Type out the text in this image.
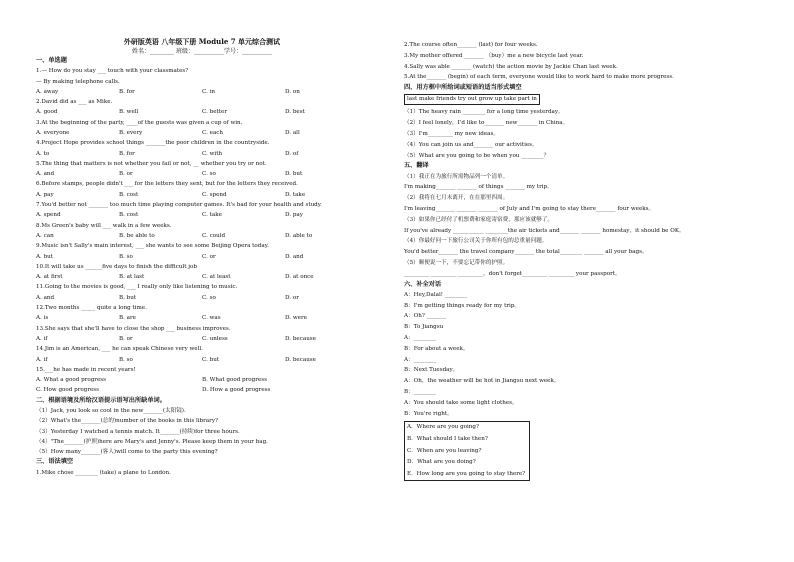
外研版英语 八年级下册 Module 7 单元综合测试
姓名：________ 班级：__________学号：__________
一、单选题
1.— How do you stay ___ touch with your classmates?
— By making telephone calls.
A. away	B. for	C. in	D. on
2.David did as ___ as Mike.
A. good	B. well	C. better	D. best
3.At the beginning of the party, ____of the guests was given a cup of win.
A. everyone	B. every	C. each	D. all
4.Project Hope provides school things _______the poor children in the countryside.
A. to	B. for	C. with	D. of
5.The thing that matters is not whether you fail or not, __ whether you try or not.
A. and	B. or	C. so	D. but
6.Before stamps, people didn't ___ for the letters they sent, but for the letters they received.
A. pay	B. cost	C. spend	D. take
7.You'd better not _______ too much time playing computer games. It's bad for your health and study.
A. spend	B. cost	C. take	D. pay
8.Ms Green's baby will ___ walk in a few weeks.
A. can	B. be able to	C. could	D. able to
9.Music isn't Sally's main interest, ___ she wants to see some Beijing Opera today.
A. but	B. so	C. or	D. and
10.It will take us ______five days to finish the difficult job
A. at first	B. at last	C. at least	D. at once
11.Going to the movies is good, ___ I really only like listening to music.
A. and	B. but	C. so	D. or
12.Two months _____ quite a long time.
A. is	B. are	C. was	D. were
13.She says that she'll have to close the shop ___ business improves.
A. if	B. or	C. unless	D. because
14.Jim is an American, ___ he can speak Chinese very well.
A. if	B. so	C. but	D. because
15.___he has made in recent years!
A. What a good progress	B. What good progress
C. How good progress	D. How a good progress
二、根据语境及所给汉语提示语写出所缺单词。
（1）Jack, you look so cool in the new_______(太阳镜).
（2）What's the_______(总的)number of the books in this library?
（3）Yesterday I watched a tennis match. It_______(持续)for three hours.
（4）"The_______(护照)here are Mary's and Jenny's. Please keep them in your bag.
（5）How many_______(客人)will come to the party this evening?
三、语法填空
1.Mike chose ________ (take) a plane to London.
2.The course often_______ (last) for four weeks.
3.My mother offered _______ （buy）me a new bicycle last year.
4.Sally was able _______ (watch) the action movie by Jackie Chan last week.
5.At the_______ (begin) of each term, everyone would like to work hard to make more progress.
四、用方框中所给词或短语的适当形式填空
last make friends try out grow up take part in
（1）The heavy rain ________ for a long time yesterday。
（2）I feel lonely，I'd like to_______ new_______ in China。
（3）I'm_________ my new ideas。
（4）You can join us and_______ our activities。
（5）What are you going to be when you ________？
五、翻译
（1）我正在为旅行所需物品列一个清单。
I'm making_______ _______ of things _______ my trip。
（2）我将在七月末离开，在在那里四周。
I'm leaving_______ _______ _______ of July and I'm going to stay there_______ four weeks。
（3）如果你已经付了机票费和家庭寄宿费，那应该就够了。
If you've already ___________ ________the air tickets and_______ _______ homestay，it should be OK。
（4）你最好问一下旅行公司关于你所有包的总重量问题。
You'd better_______ the travel company_______ the total________ _______ all your bags。
（5）顺便说一下，不要忘记带你的护照。
_________ _________ _________，don't forget_________ _________ your passport。
六、补全对话
A：Hey,Dalai! ________
B：I'm getting things ready for my trip。
A：Oh? _______
B：To Jiangsu
A：________
B：For about a week。
A：________
B：Next Tuesday。
A：Oh，the weather will be hot in Jiangsu next week。
B：________
A：You should take some light clothes。
B：You're right。
A．Where are you going?
B．What should I take then?
C．When are you leaving?
D．What are you doing?
E．How long are you going to stay there?
